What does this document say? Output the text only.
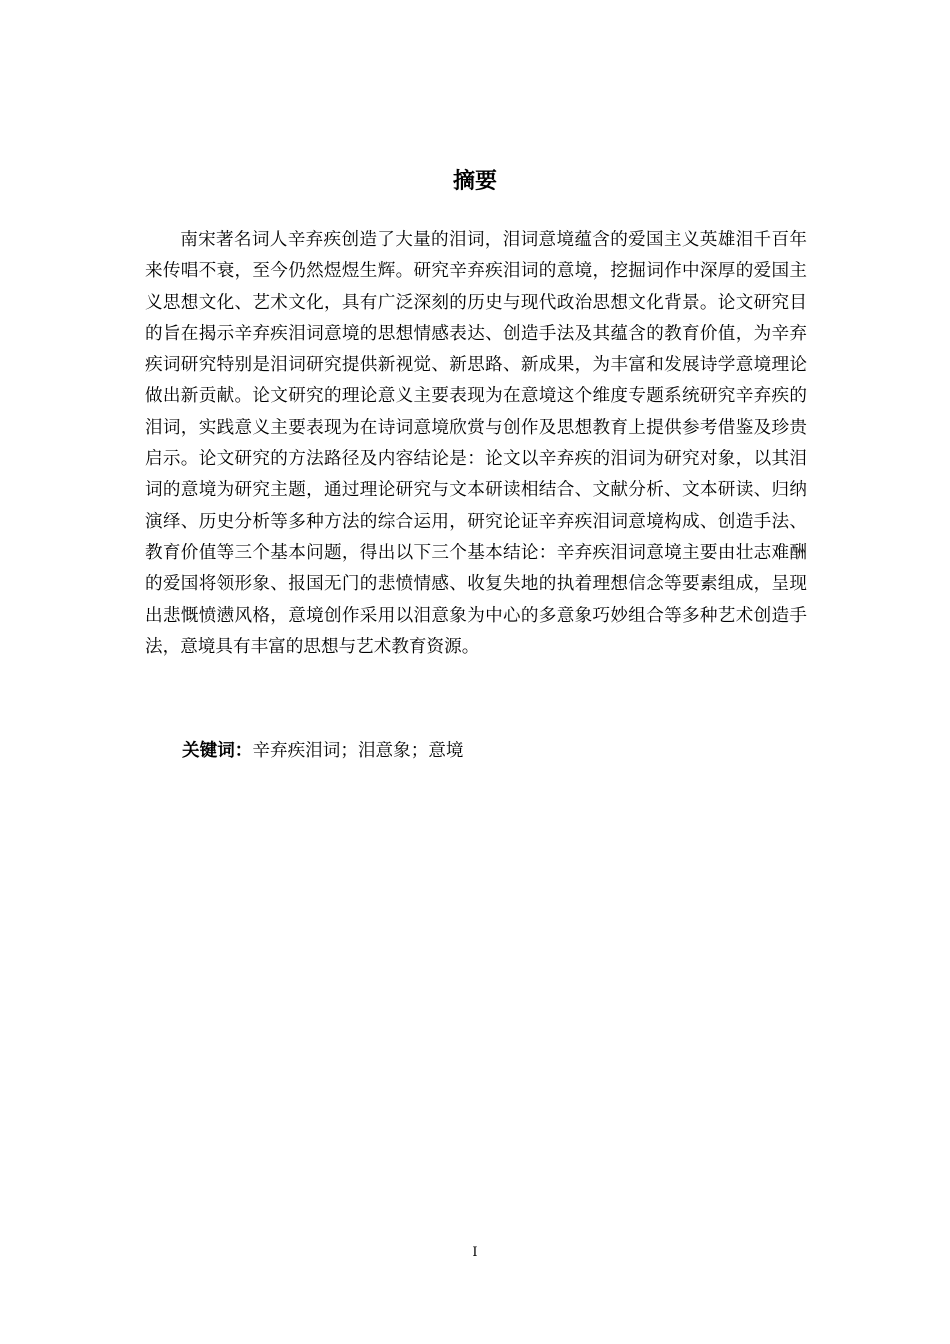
摘要

南宋著名词人辛弃疾创造了大量的泪词，泪词意境蕴含的爱国主义英雄泪千百年来传唱不衰，至今仍然煜煜生辉。研究辛弃疾泪词的意境，挖掘词作中深厚的爱国主义思想文化、艺术文化，具有广泛深刻的历史与现代政治思想文化背景。论文研究目的旨在揭示辛弃疾泪词意境的思想情感表达、创造手法及其蕴含的教育价值，为辛弃疾词研究特别是泪词研究提供新视觉、新思路、新成果，为丰富和发展诗学意境理论做出新贡献。论文研究的理论意义主要表现为在意境这个维度专题系统研究辛弃疾的泪词，实践意义主要表现为在诗词意境欣赏与创作及思想教育上提供参考借鉴及珍贵启示。论文研究的方法路径及内容结论是：论文以辛弃疾的泪词为研究对象，以其泪词的意境为研究主题，通过理论研究与文本研读相结合、文献分析、文本研读、归纳演绎、历史分析等多种方法的综合运用，研究论证辛弃疾泪词意境构成、创造手法、教育价值等三个基本问题，得出以下三个基本结论：辛弃疾泪词意境主要由壮志难酬的爱国将领形象、报国无门的悲愤情感、收复失地的执着理想信念等要素组成，呈现出悲慨愤懑风格，意境创作采用以泪意象为中心的多意象巧妙组合等多种艺术创造手法，意境具有丰富的思想与艺术教育资源。

关键词：辛弃疾泪词；泪意象；意境

I
